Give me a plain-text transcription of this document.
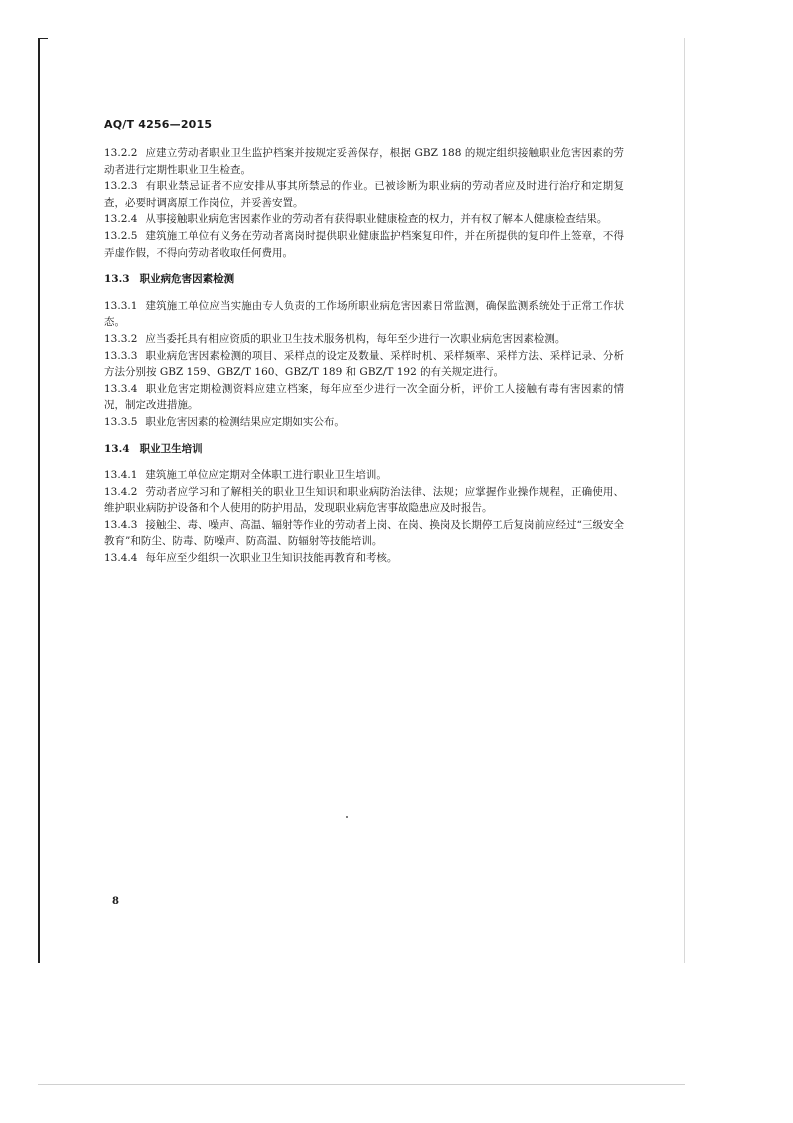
AQ/T 4256—2015

13.2.2 应建立劳动者职业卫生监护档案并按规定妥善保存，根据 GBZ 188 的规定组织接触职业危害因素的劳动者进行定期性职业卫生检查。

13.2.3 有职业禁忌证者不应安排从事其所禁忌的作业。已被诊断为职业病的劳动者应及时进行治疗和定期复查，必要时调离原工作岗位，并妥善安置。

13.2.4 从事接触职业病危害因素作业的劳动者有获得职业健康检查的权力，并有权了解本人健康检查结果。

13.2.5 建筑施工单位有义务在劳动者离岗时提供职业健康监护档案复印件，并在所提供的复印件上签章，不得弄虚作假，不得向劳动者收取任何费用。

13.3 职业病危害因素检测

13.3.1 建筑施工单位应当实施由专人负责的工作场所职业病危害因素日常监测，确保监测系统处于正常工作状态。

13.3.2 应当委托具有相应资质的职业卫生技术服务机构，每年至少进行一次职业病危害因素检测。

13.3.3 职业病危害因素检测的项目、采样点的设定及数量、采样时机、采样频率、采样方法、采样记录、分析方法分别按 GBZ 159、GBZ/T 160、GBZ/T 189 和 GBZ/T 192 的有关规定进行。

13.3.4 职业危害定期检测资料应建立档案，每年应至少进行一次全面分析，评价工人接触有毒有害因素的情况，制定改进措施。

13.3.5 职业危害因素的检测结果应定期如实公布。

13.4 职业卫生培训

13.4.1 建筑施工单位应定期对全体职工进行职业卫生培训。

13.4.2 劳动者应学习和了解相关的职业卫生知识和职业病防治法律、法规；应掌握作业操作规程，正确使用、维护职业病防护设备和个人使用的防护用品，发现职业病危害事故隐患应及时报告。

13.4.3 接触尘、毒、噪声、高温、辐射等作业的劳动者上岗、在岗、换岗及长期停工后复岗前应经过“三级安全教育”和防尘、防毒、防噪声、防高温、防辐射等技能培训。

13.4.4 每年应至少组织一次职业卫生知识技能再教育和考核。

8
